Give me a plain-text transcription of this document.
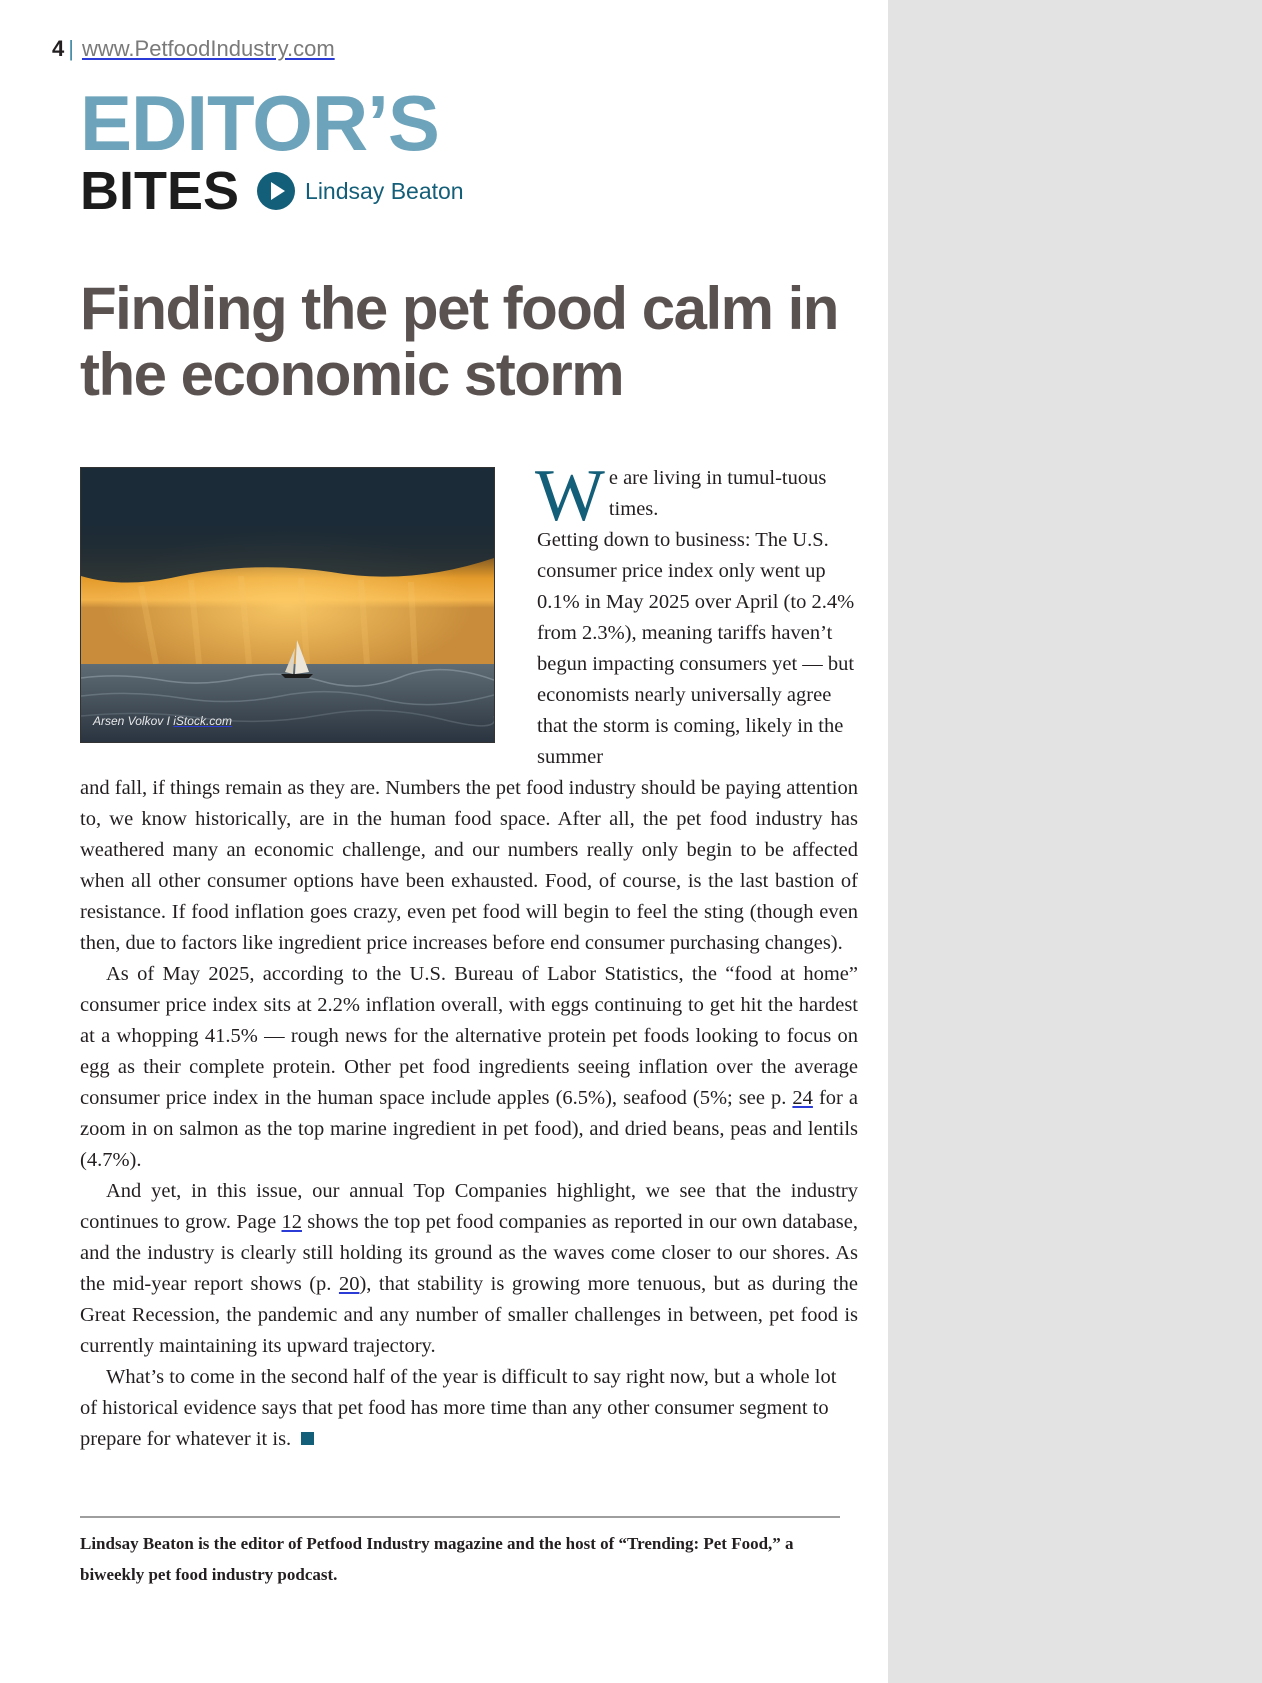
4 | www.PetfoodIndustry.com
EDITOR’S
BITES	Lindsay Beaton
Finding the pet food calm in the economic storm
Arsen Volkov I iStock.com

We are living in tumul-tuous times.

Getting down to business: The U.S. consumer price index only went up 0.1% in May 2025 over April (to 2.4% from 2.3%), meaning tariffs haven’t begun impacting consumers yet — but economists nearly universally agree that the storm is coming, likely in the summer

and fall, if things remain as they are. Numbers the pet food industry should be paying attention to, we know historically, are in the human food space. After all, the pet food industry has weathered many an economic challenge, and our numbers really only begin to be affected when all other consumer options have been exhausted. Food, of course, is the last bastion of resistance. If food inflation goes crazy, even pet food will begin to feel the sting (though even then, due to factors like ingredient price increases before end consumer purchasing changes).

As of May 2025, according to the U.S. Bureau of Labor Statistics, the “food at home” consumer price index sits at 2.2% inflation overall, with eggs continuing to get hit the hardest at a whopping 41.5% — rough news for the alternative protein pet foods looking to focus on egg as their complete protein. Other pet food ingredients seeing inflation over the average consumer price index in the human space include apples (6.5%), seafood (5%; see p. 24 for a zoom in on salmon as the top marine ingredient in pet food), and dried beans, peas and lentils (4.7%).

And yet, in this issue, our annual Top Companies highlight, we see that the industry continues to grow. Page 12 shows the top pet food companies as reported in our own database, and the industry is clearly still holding its ground as the waves come closer to our shores. As the mid-year report shows (p. 20), that stability is growing more tenuous, but as during the Great Recession, the pandemic and any number of smaller challenges in between, pet food is currently maintaining its upward trajectory.

What’s to come in the second half of the year is difficult to say right now, but a whole lot of historical evidence says that pet food has more time than any other consumer segment to prepare for whatever it is.

Lindsay Beaton is the editor of Petfood Industry magazine and the host of “Trending: Pet Food,” a biweekly pet food industry podcast.
